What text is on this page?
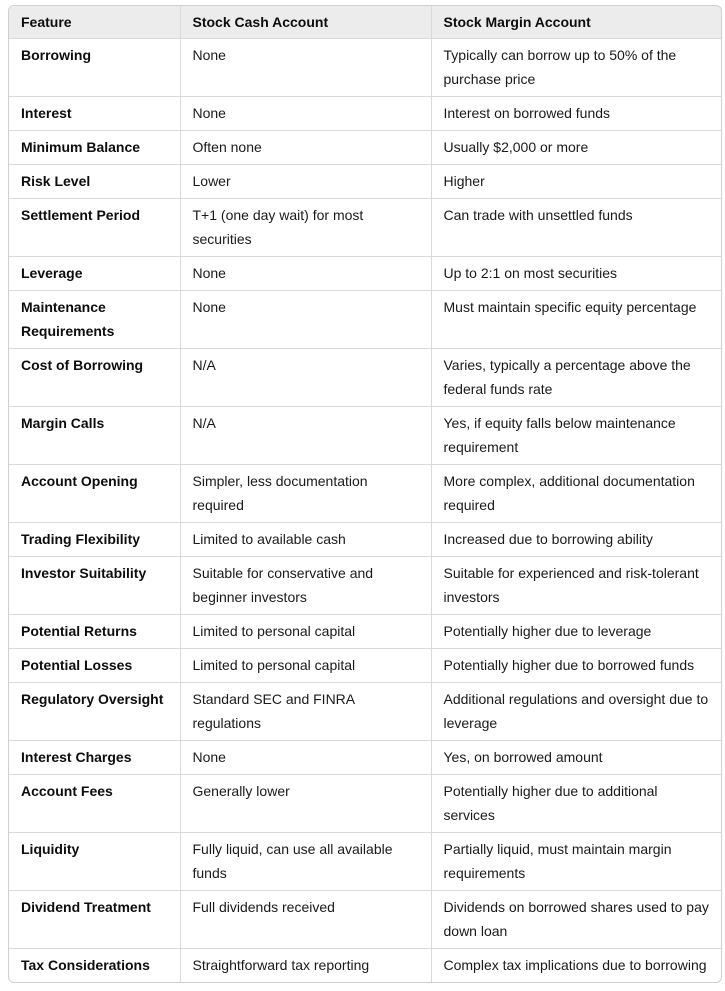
Feature	Stock Cash Account	Stock Margin Account
Borrowing	None	Typically can borrow up to 50% of the purchase price
Interest	None	Interest on borrowed funds
Minimum Balance	Often none	Usually $2,000 or more
Risk Level	Lower	Higher
Settlement Period	T+1 (one day wait) for most securities	Can trade with unsettled funds
Leverage	None	Up to 2:1 on most securities
Maintenance Requirements	None	Must maintain specific equity percentage
Cost of Borrowing	N/A	Varies, typically a percentage above the federal funds rate
Margin Calls	N/A	Yes, if equity falls below maintenance requirement
Account Opening	Simpler, less documentation required	More complex, additional documentation required
Trading Flexibility	Limited to available cash	Increased due to borrowing ability
Investor Suitability	Suitable for conservative and beginner investors	Suitable for experienced and risk-tolerant investors
Potential Returns	Limited to personal capital	Potentially higher due to leverage
Potential Losses	Limited to personal capital	Potentially higher due to borrowed funds
Regulatory Oversight	Standard SEC and FINRA regulations	Additional regulations and oversight due to leverage
Interest Charges	None	Yes, on borrowed amount
Account Fees	Generally lower	Potentially higher due to additional services
Liquidity	Fully liquid, can use all available funds	Partially liquid, must maintain margin requirements
Dividend Treatment	Full dividends received	Dividends on borrowed shares used to pay down loan
Tax Considerations	Straightforward tax reporting	Complex tax implications due to borrowing
